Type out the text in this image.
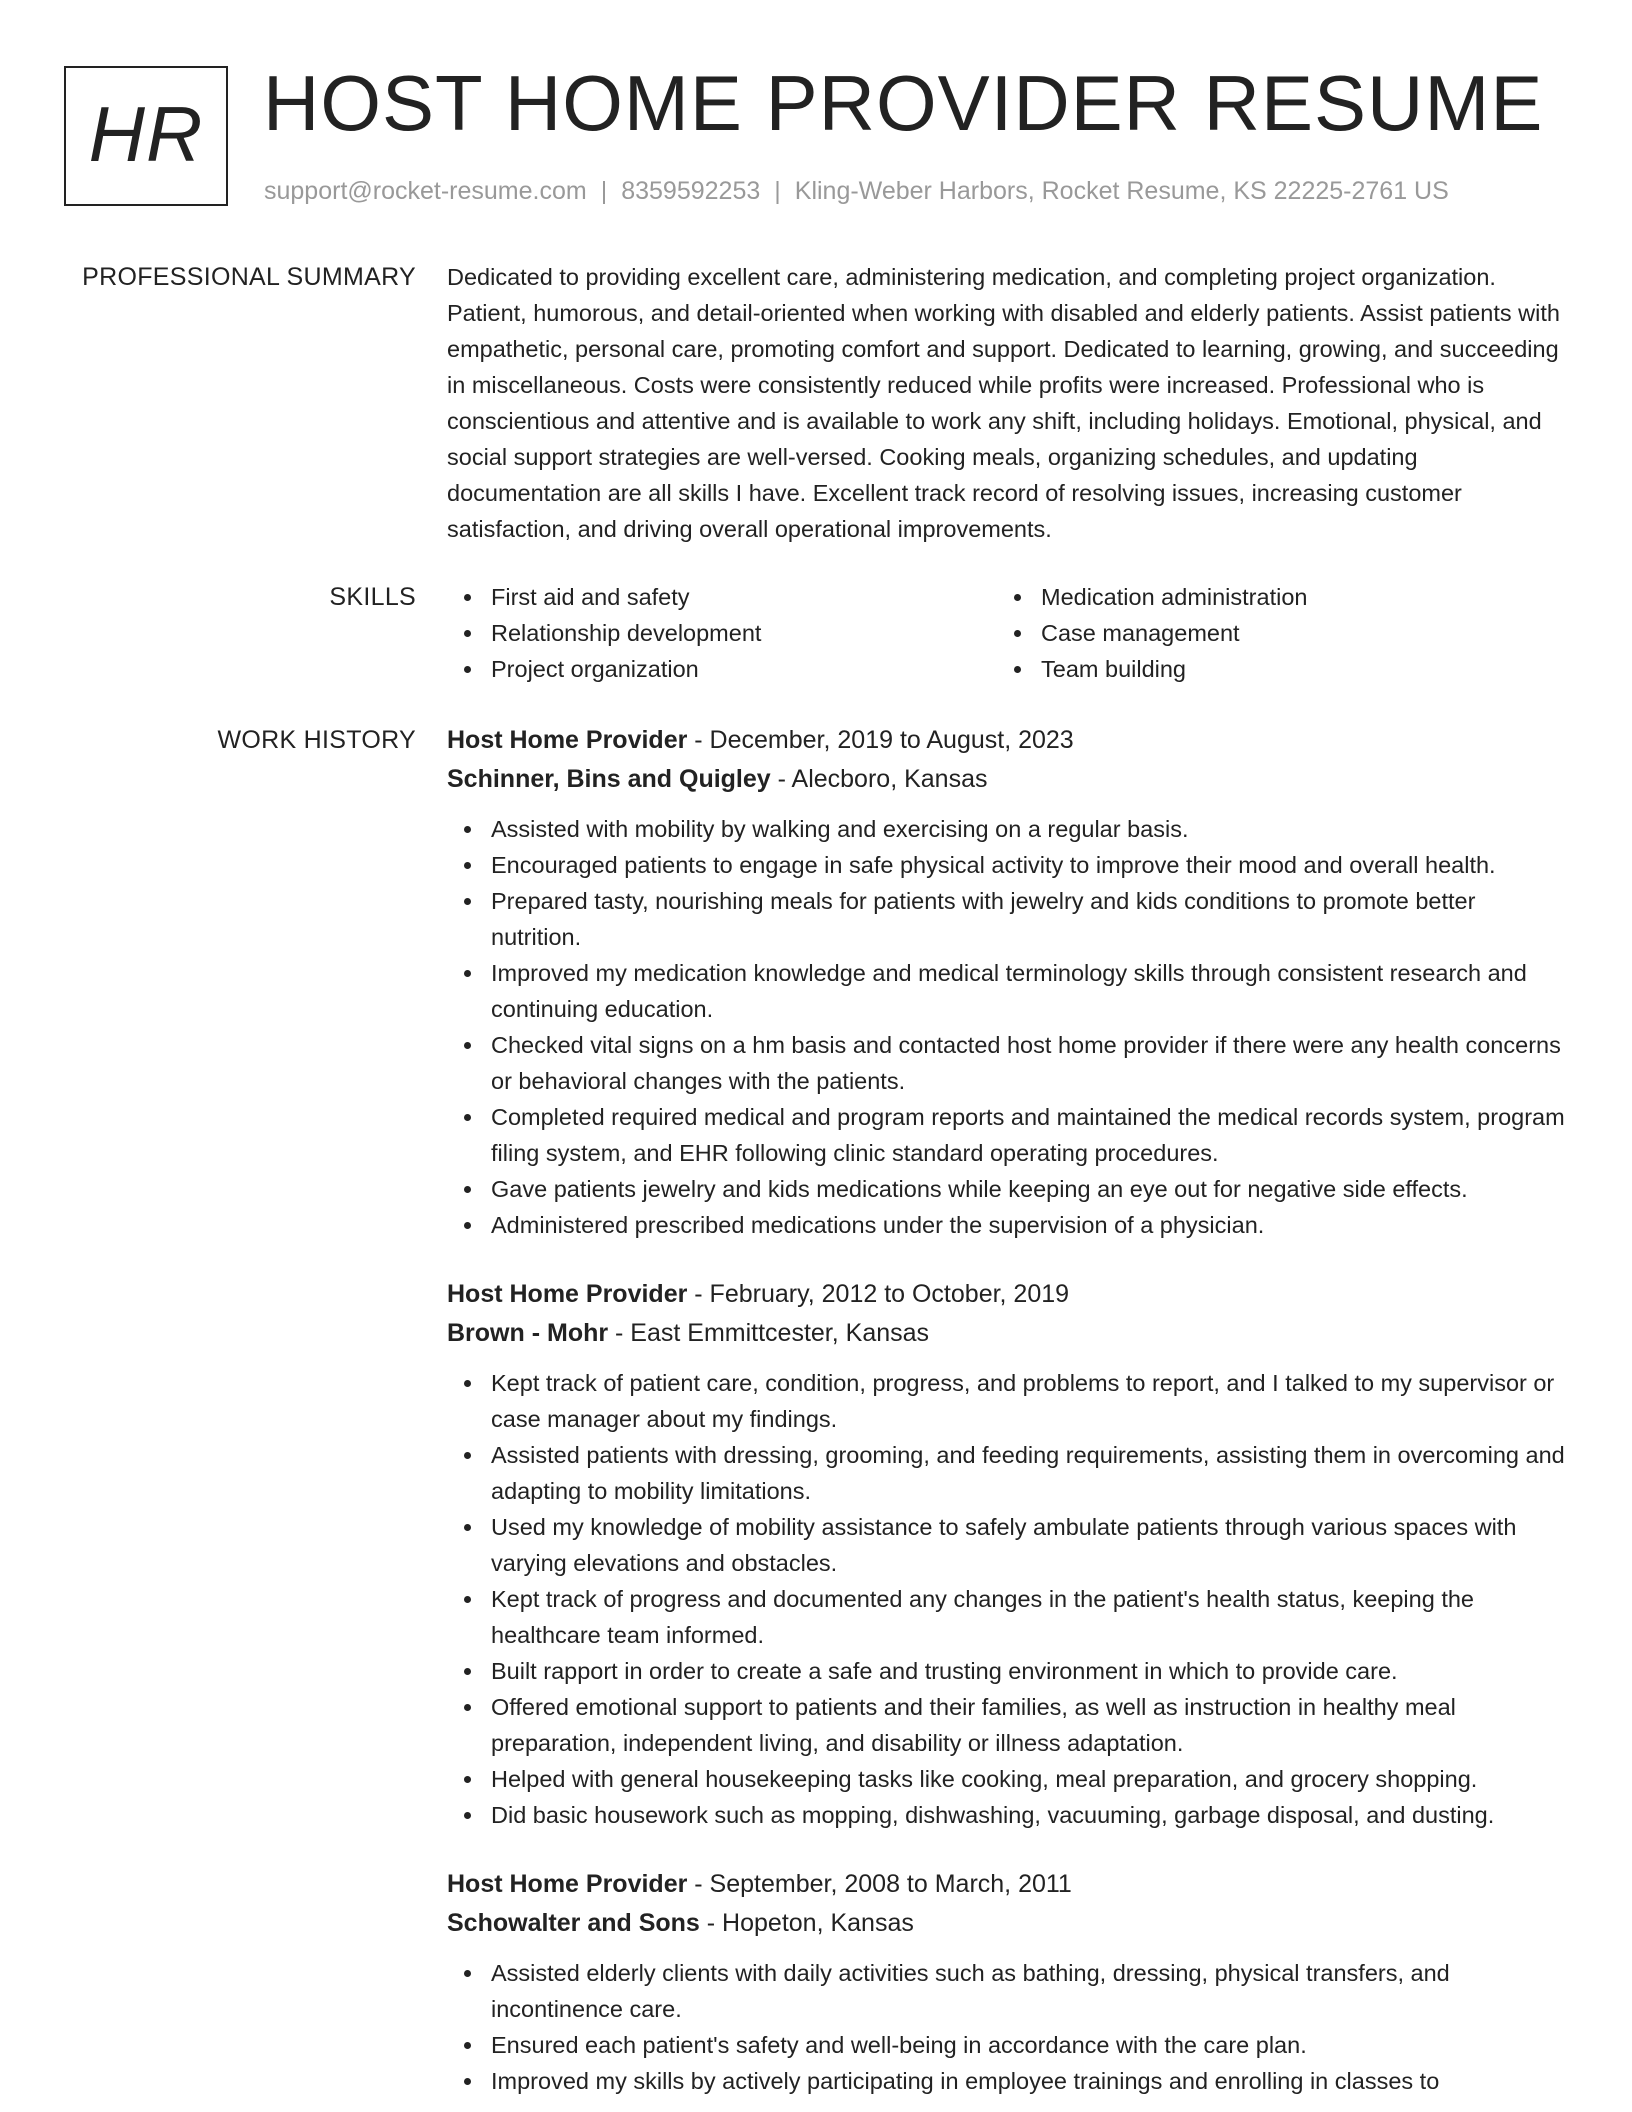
HR HOST HOME PROVIDER RESUME
support@rocket-resume.com | 8359592253 | Kling-Weber Harbors, Rocket Resume, KS 22225-2761 US
PROFESSIONAL SUMMARY Dedicated to providing excellent care, administering medication, and completing project organization. Patient, humorous, and detail-oriented when working with disabled and elderly patients. Assist patients with empathetic, personal care, promoting comfort and support. Dedicated to learning, growing, and succeeding in miscellaneous. Costs were consistently reduced while profits were increased. Professional who is conscientious and attentive and is available to work any shift, including holidays. Emotional, physical, and social support strategies are well-versed. Cooking meals, organizing schedules, and updating documentation are all skills I have. Excellent track record of resolving issues, increasing customer satisfaction, and driving overall operational improvements.

SKILLS	First aid and safety
Relationship development
Project organization
Medication administration
Case management
Team building
WORK HISTORY Host Home Provider - December, 2019 to August, 2023
Schinner, Bins and Quigley - Alecboro, Kansas
Assisted with mobility by walking and exercising on a regular basis.
Encouraged patients to engage in safe physical activity to improve their mood and overall health.
Prepared tasty, nourishing meals for patients with jewelry and kids conditions to promote better nutrition.
Improved my medication knowledge and medical terminology skills through consistent research and continuing education.
Checked vital signs on a hm basis and contacted host home provider if there were any health concerns or behavioral changes with the patients.
Completed required medical and program reports and maintained the medical records system, program filing system, and EHR following clinic standard operating procedures.
Gave patients jewelry and kids medications while keeping an eye out for negative side effects.
Administered prescribed medications under the supervision of a physician.
Host Home Provider - February, 2012 to October, 2019
Brown - Mohr - East Emmittcester, Kansas
Kept track of patient care, condition, progress, and problems to report, and I talked to my supervisor or case manager about my findings.
Assisted patients with dressing, grooming, and feeding requirements, assisting them in overcoming and adapting to mobility limitations.
Used my knowledge of mobility assistance to safely ambulate patients through various spaces with varying elevations and obstacles.
Kept track of progress and documented any changes in the patient's health status, keeping the healthcare team informed.
Built rapport in order to create a safe and trusting environment in which to provide care.
Offered emotional support to patients and their families, as well as instruction in healthy meal preparation, independent living, and disability or illness adaptation.
Helped with general housekeeping tasks like cooking, meal preparation, and grocery shopping.
Did basic housework such as mopping, dishwashing, vacuuming, garbage disposal, and dusting.
Host Home Provider - September, 2008 to March, 2011
Schowalter and Sons - Hopeton, Kansas
Assisted elderly clients with daily activities such as bathing, dressing, physical transfers, and incontinence care.
Ensured each patient's safety and well-being in accordance with the care plan.
Improved my skills by actively participating in employee trainings and enrolling in classes to
